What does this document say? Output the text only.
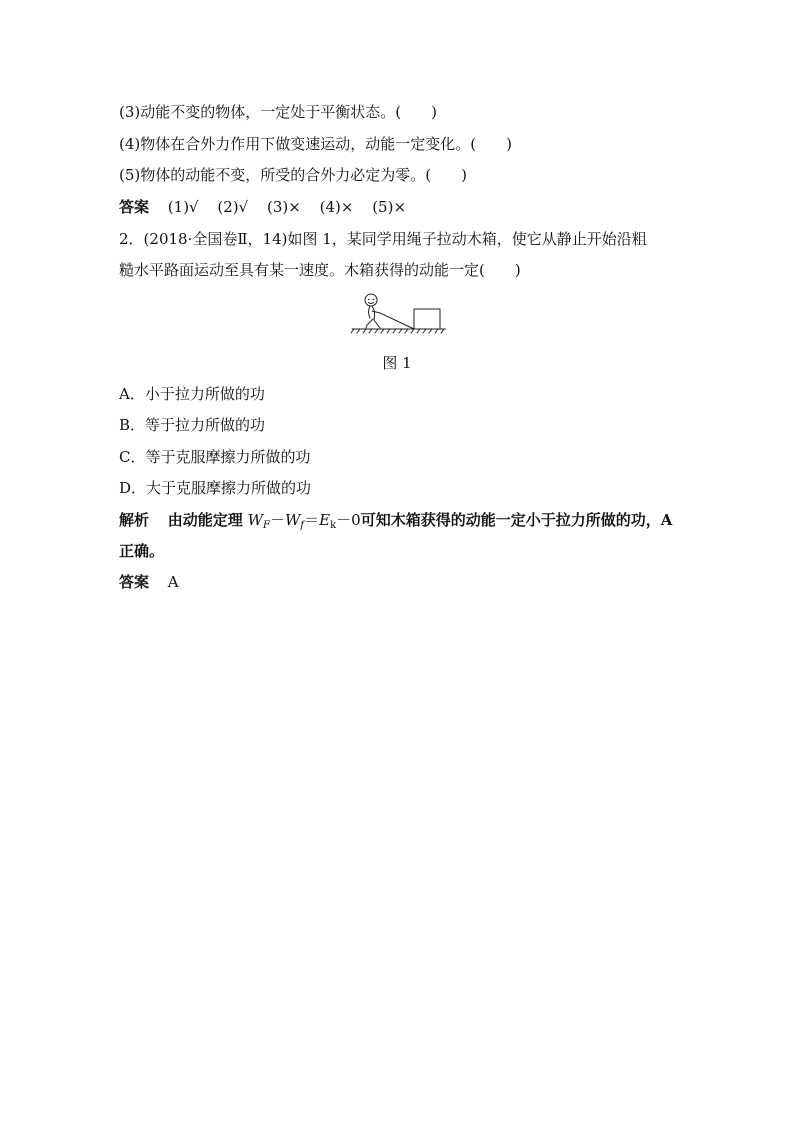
(3)动能不变的物体，一定处于平衡状态。(　　)
(4)物体在合外力作用下做变速运动，动能一定变化。(　　)
(5)物体的动能不变，所受的合外力必定为零。(　　)
答案 (1)√ (2)√ (3)× (4)× (5)×
2．(2018·全国卷Ⅱ，14)如图 1，某同学用绳子拉动木箱，使它从静止开始沿粗
糙水平路面运动至具有某一速度。木箱获得的动能一定(　　)
图 1
A．小于拉力所做的功
B．等于拉力所做的功
C．等于克服摩擦力所做的功
D．大于克服摩擦力所做的功
解析 由动能定理 $W_F-W_f=E_k-0$可知木箱获得的动能一定小于拉力所做的功，A
正确。
答案 A
